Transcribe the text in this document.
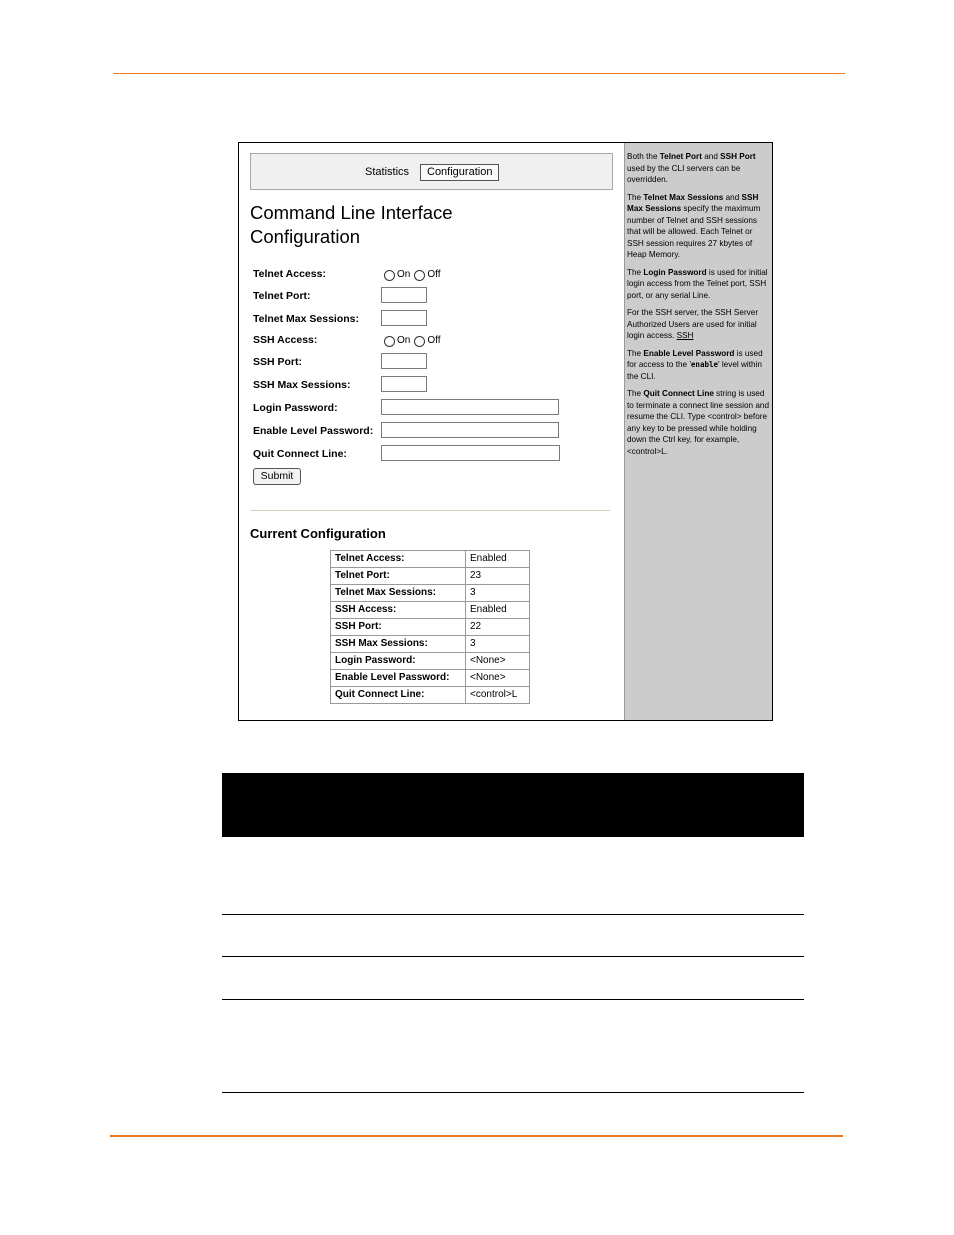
Statistics	Configuration
Command Line Interface
Configuration
Telnet Access:	On Off
Telnet Port:
Telnet Max Sessions:
SSH Access:	On Off
SSH Port:
SSH Max Sessions:
Login Password:
Enable Level Password:
Quit Connect Line:
Submit
Current Configuration
Telnet Access:	Enabled
Telnet Port:	23
Telnet Max Sessions:	3
SSH Access:	Enabled
SSH Port:	22
SSH Max Sessions:	3
Login Password:	<None>
Enable Level Password:	<None>
Quit Connect Line:	<control>L

Both the Telnet Port and SSH Port used by the CLI servers can be overridden.

The Telnet Max Sessions and SSH Max Sessions specify the maximum number of Telnet and SSH sessions that will be allowed. Each Telnet or SSH session requires 27 kbytes of Heap Memory.

The Login Password is used for initial login access from the Telnet port, SSH port, or any serial Line.

For the SSH server, the SSH Server Authorized Users are used for initial login access. SSH

The Enable Level Password is used for access to the 'enable' level within the CLI.

The Quit Connect Line string is used to terminate a connect line session and resume the CLI. Type <control> before any key to be pressed while holding down the Ctrl key, for example, <control>L.
